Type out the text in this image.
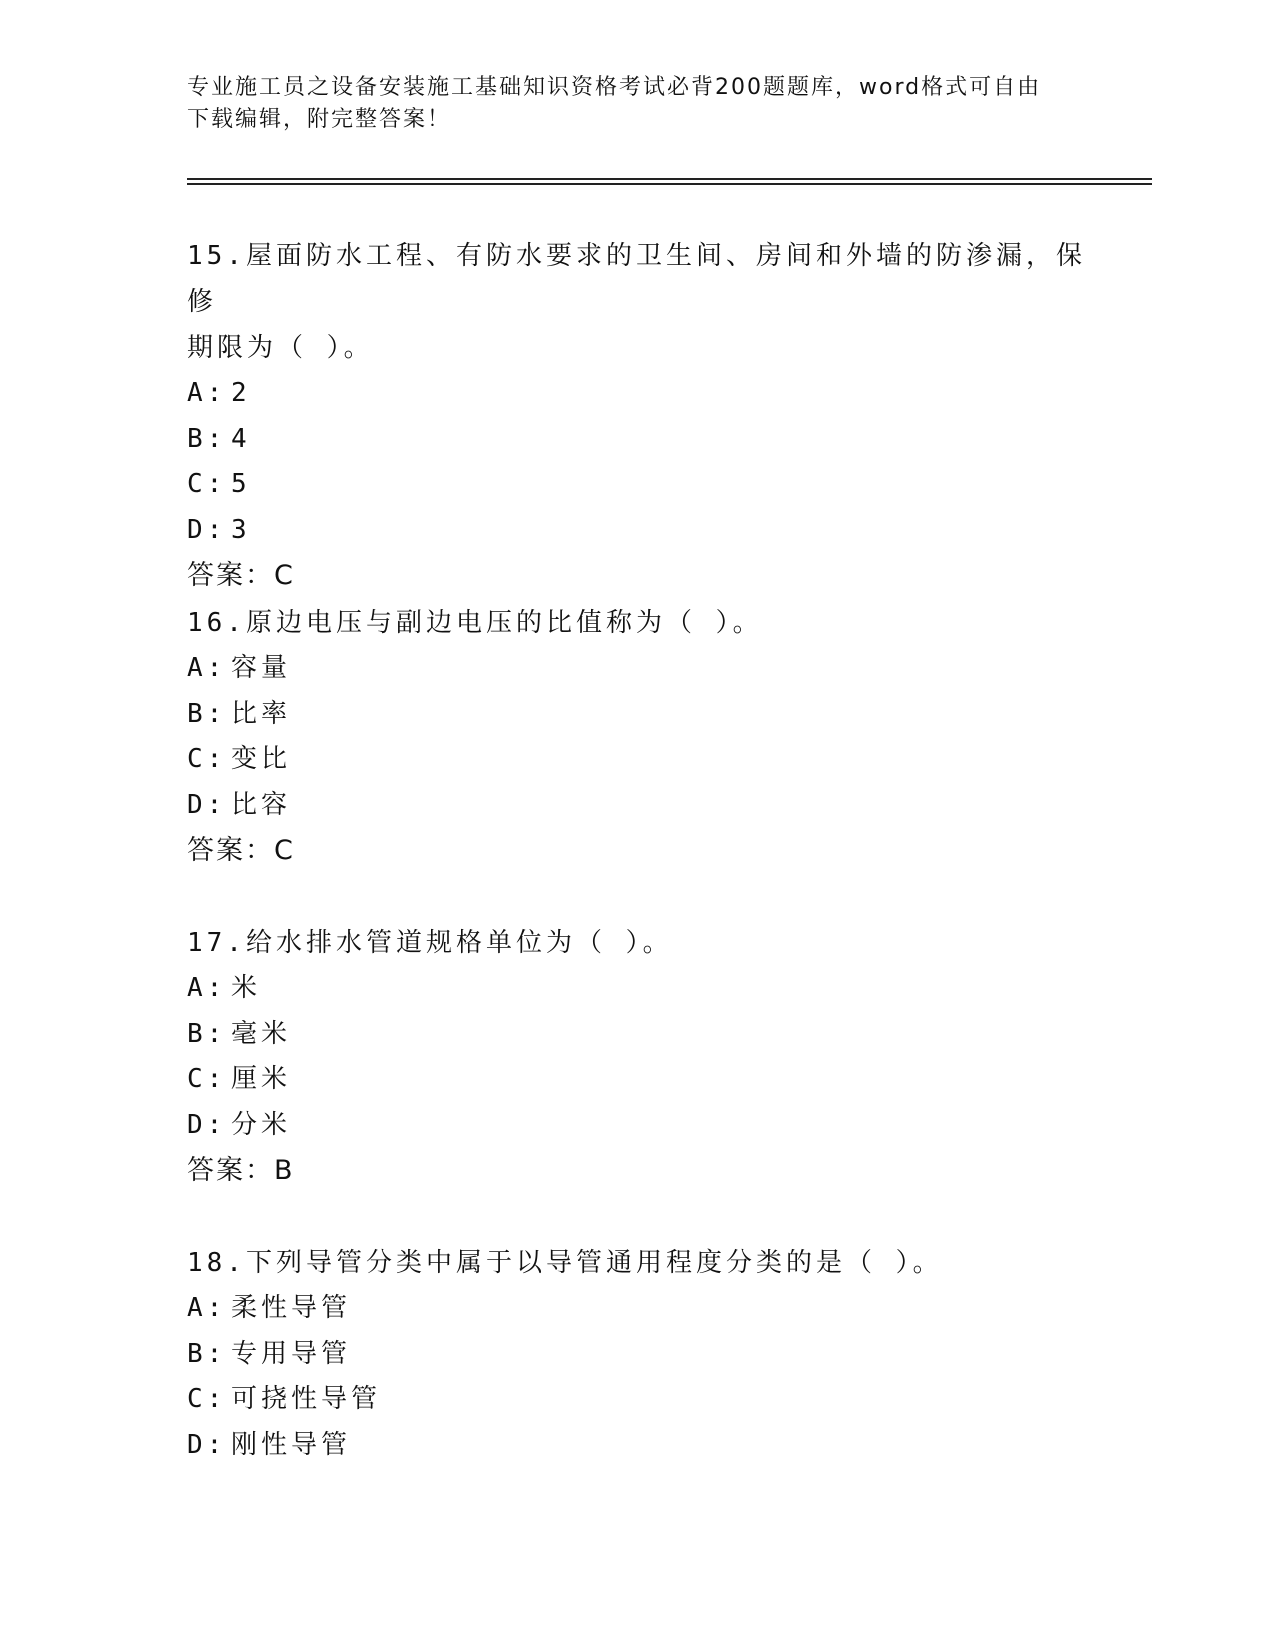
专业施工员之设备安装施工基础知识资格考试必背200题题库，word格式可自由
下载编辑，附完整答案！

15.屋面防水工程、有防水要求的卫生间、房间和外墙的防渗漏，保修

期限为（ ）。

A: 2

B: 4

C: 5

D: 3

答案：C

16.原边电压与副边电压的比值称为（ ）。

A: 容量

B: 比率

C: 变比

D: 比容

答案：C

17.给水排水管道规格单位为（ ）。

A: 米

B: 毫米

C: 厘米

D: 分米

答案：B

18.下列导管分类中属于以导管通用程度分类的是（ ）。

A: 柔性导管

B: 专用导管

C: 可挠性导管

D: 刚性导管
